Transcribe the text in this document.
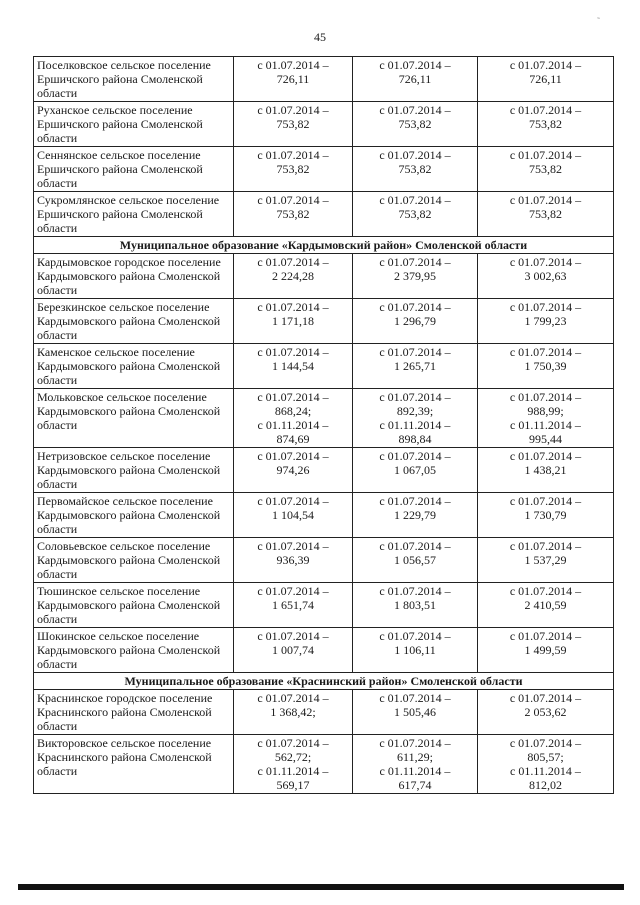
45
˜
Поселковское сельское поселение Ершичского района Смоленской области	с 01.07.2014 –
726,11	с 01.07.2014 –
726,11	с 01.07.2014 –
726,11

Руханское сельское поселение Ершичского района Смоленской области	с 01.07.2014 –
753,82	с 01.07.2014 –
753,82	с 01.07.2014 –
753,82

Сеннянское сельское поселение Ершичского района Смоленской области	с 01.07.2014 –
753,82	с 01.07.2014 –
753,82	с 01.07.2014 –
753,82

Сукромлянское сельское поселение Ершичского района Смоленской области	с 01.07.2014 –
753,82	с 01.07.2014 –
753,82	с 01.07.2014 –
753,82

Муниципальное образование «Кардымовский район» Смоленской области			
Кардымовское городское поселение Кардымовского района Смоленской области	с 01.07.2014 –
2 224,28	с 01.07.2014 –
2 379,95	с 01.07.2014 –
3 002,63

Березкинское сельское поселение Кардымовского района Смоленской области	с 01.07.2014 –
1 171,18	с 01.07.2014 –
1 296,79	с 01.07.2014 –
1 799,23

Каменское сельское поселение Кардымовского района Смоленской области	с 01.07.2014 –
1 144,54	с 01.07.2014 –
1 265,71	с 01.07.2014 –
1 750,39

Мольковское сельское поселение Кардымовского района Смоленской области	с 01.07.2014 –
868,24;
с 01.11.2014 –
874,69	с 01.07.2014 –
892,39;
с 01.11.2014 –
898,84	с 01.07.2014 –
988,99;
с 01.11.2014 –
995,44

Нетризовское сельское поселение Кардымовского района Смоленской области	с 01.07.2014 –
974,26	с 01.07.2014 –
1 067,05	с 01.07.2014 –
1 438,21

Первомайское сельское поселение Кардымовского района Смоленской области	с 01.07.2014 –
1 104,54	с 01.07.2014 –
1 229,79	с 01.07.2014 –
1 730,79

Соловьевское сельское поселение Кардымовского района Смоленской области	с 01.07.2014 –
936,39	с 01.07.2014 –
1 056,57	с 01.07.2014 –
1 537,29

Тюшинское сельское поселение Кардымовского района Смоленской области	с 01.07.2014 –
1 651,74	с 01.07.2014 –
1 803,51	с 01.07.2014 –
2 410,59

Шокинское сельское поселение Кардымовского района Смоленской области	с 01.07.2014 –
1 007,74	с 01.07.2014 –
1 106,11	с 01.07.2014 –
1 499,59

Муниципальное образование «Краснинский район» Смоленской области			
Краснинское городское поселение Краснинского района Смоленской области	с 01.07.2014 –
1 368,42;	с 01.07.2014 –
1 505,46	с 01.07.2014 –
2 053,62

Викторовское сельское поселение Краснинского района Смоленской области	с 01.07.2014 –
562,72;
с 01.11.2014 –
569,17	с 01.07.2014 –
611,29;
с 01.11.2014 –
617,74	с 01.07.2014 –
805,57;
с 01.11.2014 –
812,02
